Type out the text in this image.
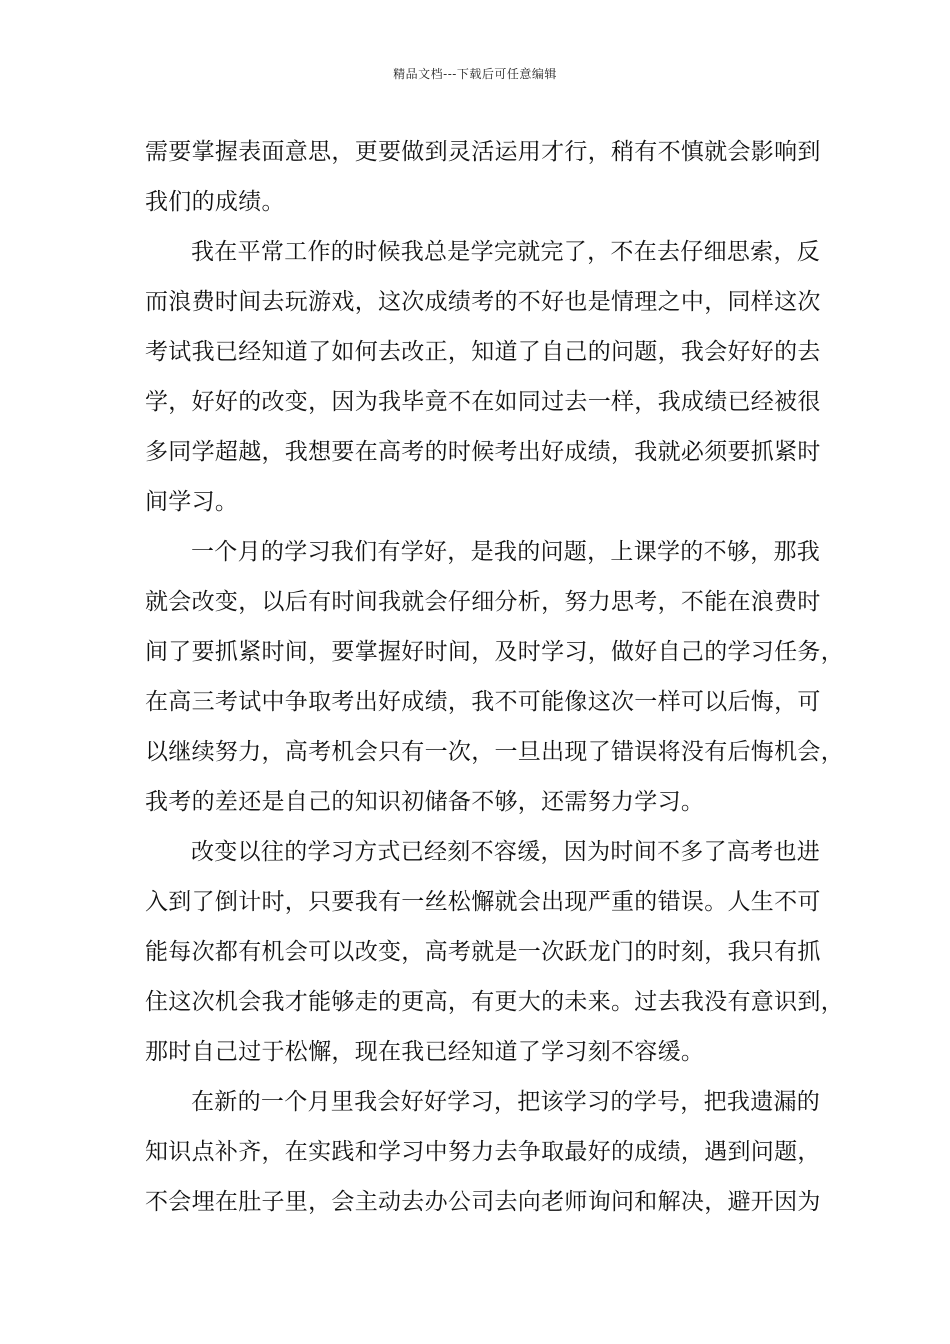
精品文档---下载后可任意编辑
需要掌握表面意思，更要做到灵活运用才行，稍有不慎就会影响到
我们的成绩。
我在平常工作的时候我总是学完就完了，不在去仔细思索，反
而浪费时间去玩游戏，这次成绩考的不好也是情理之中，同样这次
考试我已经知道了如何去改正，知道了自己的问题，我会好好的去
学，好好的改变，因为我毕竟不在如同过去一样，我成绩已经被很
多同学超越，我想要在高考的时候考出好成绩，我就必须要抓紧时
间学习。
一个月的学习我们有学好，是我的问题，上课学的不够，那我
就会改变，以后有时间我就会仔细分析，努力思考，不能在浪费时
间了要抓紧时间，要掌握好时间，及时学习，做好自己的学习任务，
在高三考试中争取考出好成绩，我不可能像这次一样可以后悔，可
以继续努力，高考机会只有一次，一旦出现了错误将没有后悔机会，
我考的差还是自己的知识初储备不够，还需努力学习。
改变以往的学习方式已经刻不容缓，因为时间不多了高考也进
入到了倒计时，只要我有一丝松懈就会出现严重的错误。人生不可
能每次都有机会可以改变，高考就是一次跃龙门的时刻，我只有抓
住这次机会我才能够走的更高，有更大的未来。过去我没有意识到，
那时自己过于松懈，现在我已经知道了学习刻不容缓。
在新的一个月里我会好好学习，把该学习的学号，把我遗漏的
知识点补齐，在实践和学习中努力去争取最好的成绩，遇到问题，
不会埋在肚子里，会主动去办公司去向老师询问和解决，避开因为
